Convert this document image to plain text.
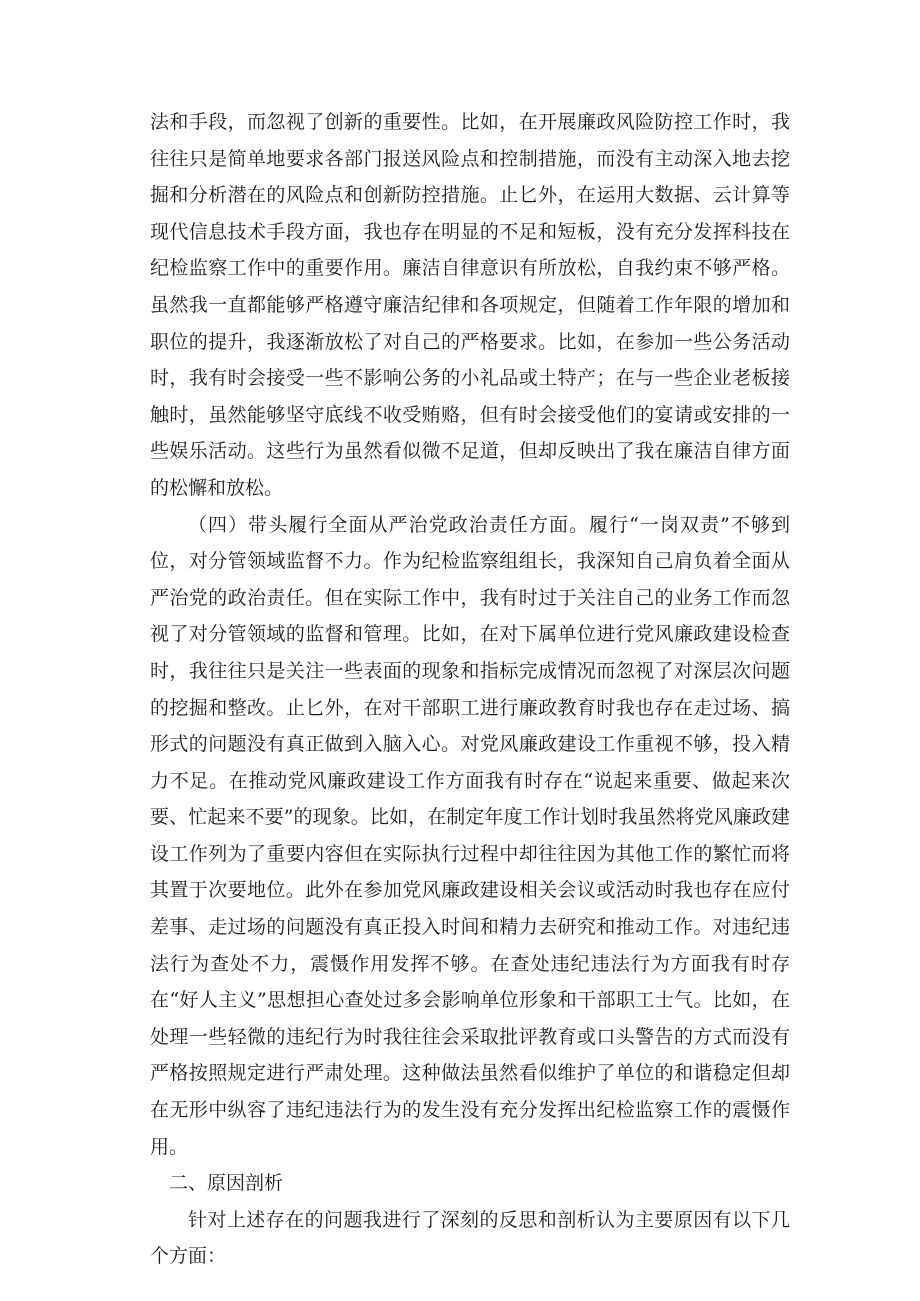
法和手段，而忽视了创新的重要性。比如，在开展廉政风险防控工作时，我往往只是简单地要求各部门报送风险点和控制措施，而没有主动深入地去挖掘和分析潜在的风险点和创新防控措施。止匕外，在运用大数据、云计算等现代信息技术手段方面，我也存在明显的不足和短板，没有充分发挥科技在纪检监察工作中的重要作用。廉洁自律意识有所放松，自我约束不够严格。虽然我一直都能够严格遵守廉洁纪律和各项规定，但随着工作年限的增加和职位的提升，我逐渐放松了对自己的严格要求。比如，在参加一些公务活动时，我有时会接受一些不影响公务的小礼品或土特产；在与一些企业老板接触时，虽然能够坚守底线不收受贿赂，但有时会接受他们的宴请或安排的一些娱乐活动。这些行为虽然看似微不足道，但却反映出了我在廉洁自律方面的松懈和放松。

（四）带头履行全面从严治党政治责任方面。履行“一岗双责”不够到位，对分管领域监督不力。作为纪检监察组组长，我深知自己肩负着全面从严治党的政治责任。但在实际工作中，我有时过于关注自己的业务工作而忽视了对分管领域的监督和管理。比如，在对下属单位进行党风廉政建设检查时，我往往只是关注一些表面的现象和指标完成情况而忽视了对深层次问题的挖掘和整改。止匕外，在对干部职工进行廉政教育时我也存在走过场、搞形式的问题没有真正做到入脑入心。对党风廉政建设工作重视不够，投入精力不足。在推动党风廉政建设工作方面我有时存在“说起来重要、做起来次要、忙起来不要”的现象。比如，在制定年度工作计划时我虽然将党风廉政建设工作列为了重要内容但在实际执行过程中却往往因为其他工作的繁忙而将其置于次要地位。此外在参加党风廉政建设相关会议或活动时我也存在应付差事、走过场的问题没有真正投入时间和精力去研究和推动工作。对违纪违法行为查处不力，震慑作用发挥不够。在查处违纪违法行为方面我有时存在“好人主义”思想担心查处过多会影响单位形象和干部职工士气。比如，在处理一些轻微的违纪行为时我往往会采取批评教育或口头警告的方式而没有严格按照规定进行严肃处理。这种做法虽然看似维护了单位的和谐稳定但却在无形中纵容了违纪违法行为的发生没有充分发挥出纪检监察工作的震慑作用。

二、原因剖析

针对上述存在的问题我进行了深刻的反思和剖析认为主要原因有以下几个方面：
